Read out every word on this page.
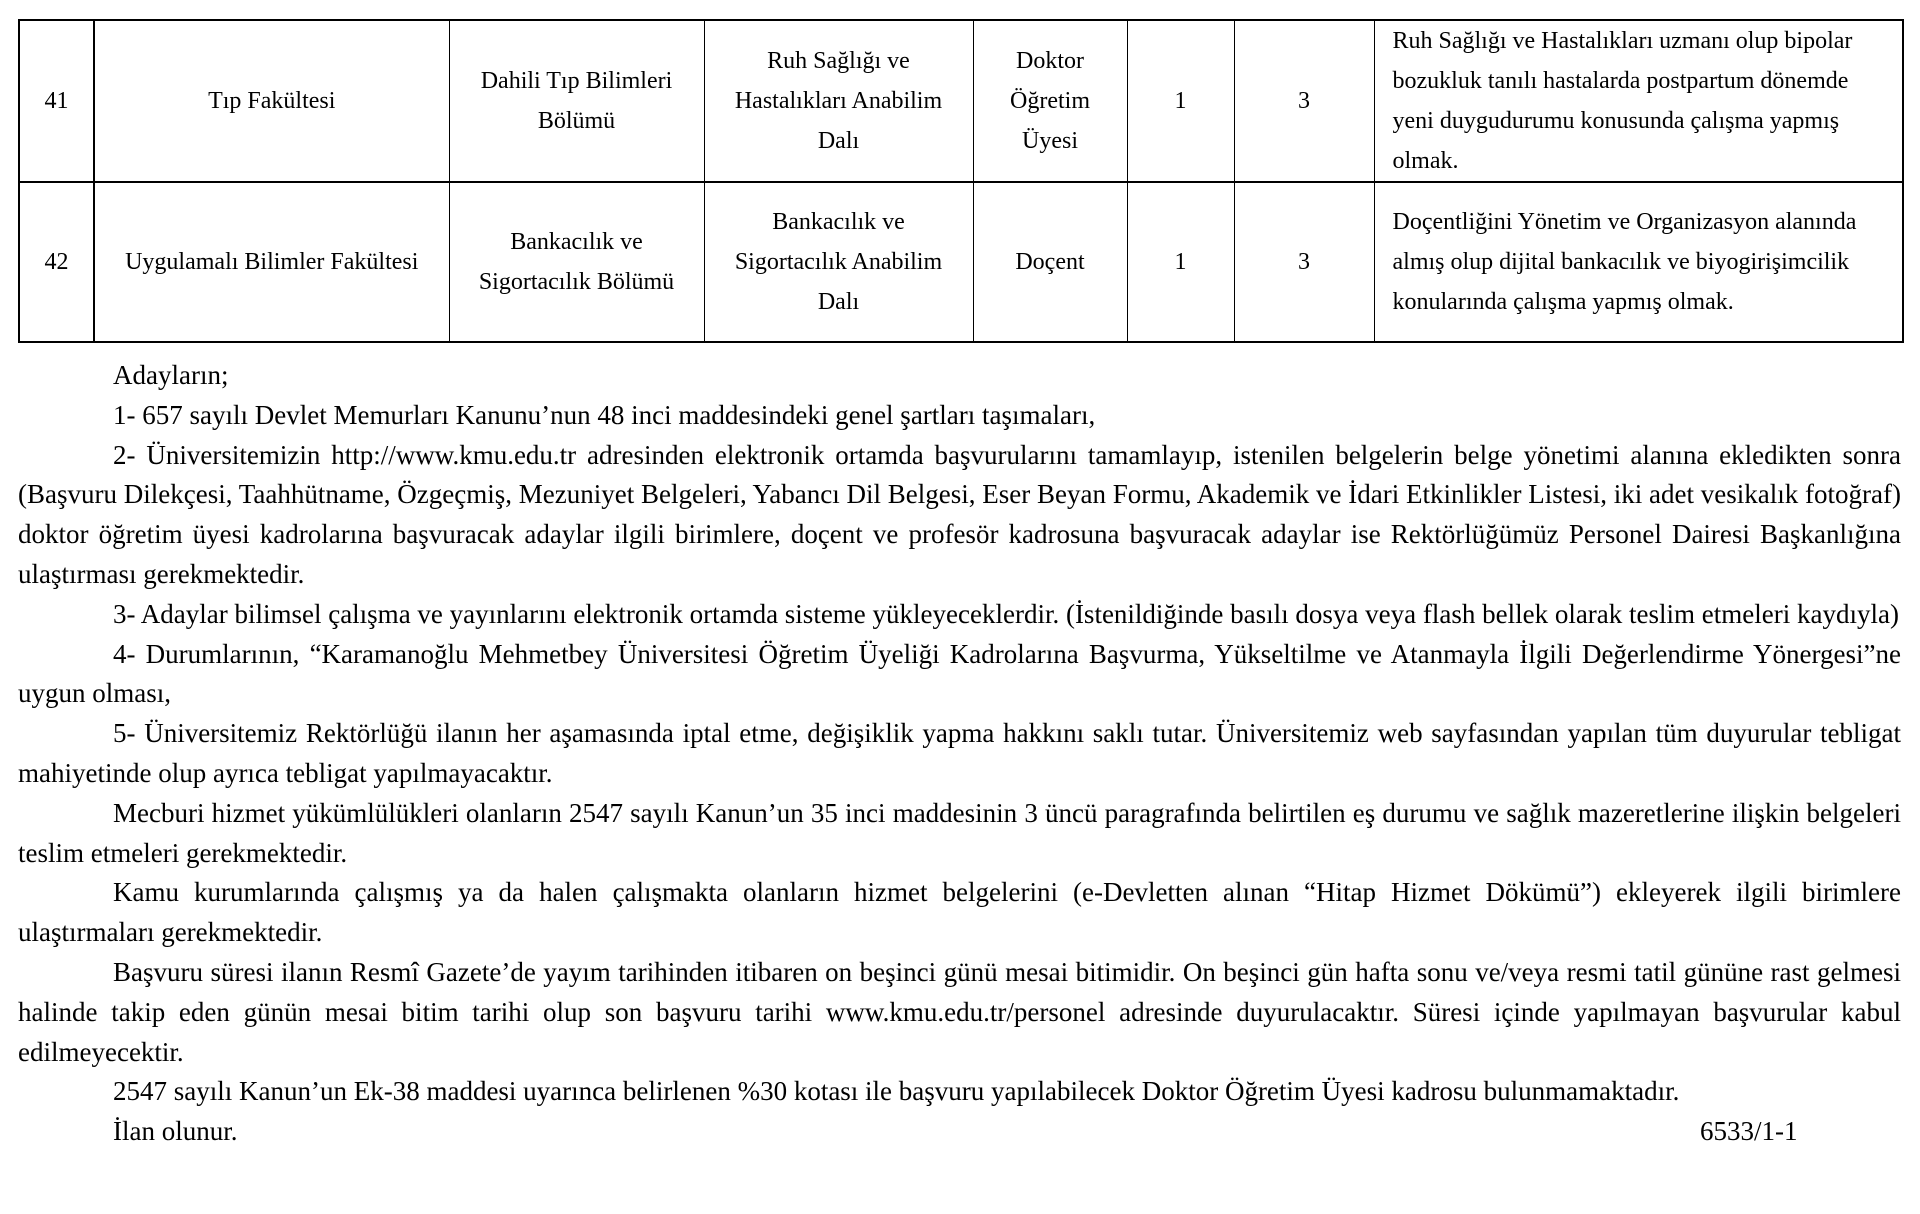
41	Tıp Fakültesi	Dahili Tıp Bilimleri Bölümü	Ruh Sağlığı ve Hastalıkları Anabilim Dalı	Doktor Öğretim Üyesi	1	3	Ruh Sağlığı ve Hastalıkları uzmanı olup bipolar bozukluk tanılı hastalarda postpartum dönemde yeni duygudurumu konusunda çalışma yapmış olmak.
42	Uygulamalı Bilimler Fakültesi	Bankacılık ve Sigortacılık Bölümü	Bankacılık ve Sigortacılık Anabilim Dalı	Doçent	1	3	Doçentliğini Yönetim ve Organizasyon alanında almış olup dijital bankacılık ve biyogirişimcilik konularında çalışma yapmış olmak.

Adayların;

1- 657 sayılı Devlet Memurları Kanunu’nun 48 inci maddesindeki genel şartları taşımaları,

2- Üniversitemizin http://www.kmu.edu.tr adresinden elektronik ortamda başvurularını tamamlayıp, istenilen belgelerin belge yönetimi alanına ekledikten sonra (Başvuru Dilekçesi, Taahhütname, Özgeçmiş, Mezuniyet Belgeleri, Yabancı Dil Belgesi, Eser Beyan Formu, Akademik ve İdari Etkinlikler Listesi, iki adet vesikalık fotoğraf) doktor öğretim üyesi kadrolarına başvuracak adaylar ilgili birimlere, doçent ve profesör kadrosuna başvuracak adaylar ise Rektörlüğümüz Personel Dairesi Başkanlığına ulaştırması gerekmektedir.

3- Adaylar bilimsel çalışma ve yayınlarını elektronik ortamda sisteme yükleyeceklerdir. (İstenildiğinde basılı dosya veya flash bellek olarak teslim etmeleri kaydıyla)

4- Durumlarının, “Karamanoğlu Mehmetbey Üniversitesi Öğretim Üyeliği Kadrolarına Başvurma, Yükseltilme ve Atanmayla İlgili Değerlendirme Yönergesi”ne uygun olması,

5- Üniversitemiz Rektörlüğü ilanın her aşamasında iptal etme, değişiklik yapma hakkını saklı tutar. Üniversitemiz web sayfasından yapılan tüm duyurular tebligat mahiyetinde olup ayrıca tebligat yapılmayacaktır.

Mecburi hizmet yükümlülükleri olanların 2547 sayılı Kanun’un 35 inci maddesinin 3 üncü paragrafında belirtilen eş durumu ve sağlık mazeretlerine ilişkin belgeleri teslim etmeleri gerekmektedir.

Kamu kurumlarında çalışmış ya da halen çalışmakta olanların hizmet belgelerini (e-Devletten alınan “Hitap Hizmet Dökümü”) ekleyerek ilgili birimlere ulaştırmaları gerekmektedir.

Başvuru süresi ilanın Resmî Gazete’de yayım tarihinden itibaren on beşinci günü mesai bitimidir. On beşinci gün hafta sonu ve/veya resmi tatil gününe rast gelmesi halinde takip eden günün mesai bitim tarihi olup son başvuru tarihi www.kmu.edu.tr/personel adresinde duyurulacaktır. Süresi içinde yapılmayan başvurular kabul edilmeyecektir.

2547 sayılı Kanun’un Ek-38 maddesi uyarınca belirlenen %30 kotası ile başvuru yapılabilecek Doktor Öğretim Üyesi kadrosu bulunmamaktadır.

İlan olunur.	6533/1-1
